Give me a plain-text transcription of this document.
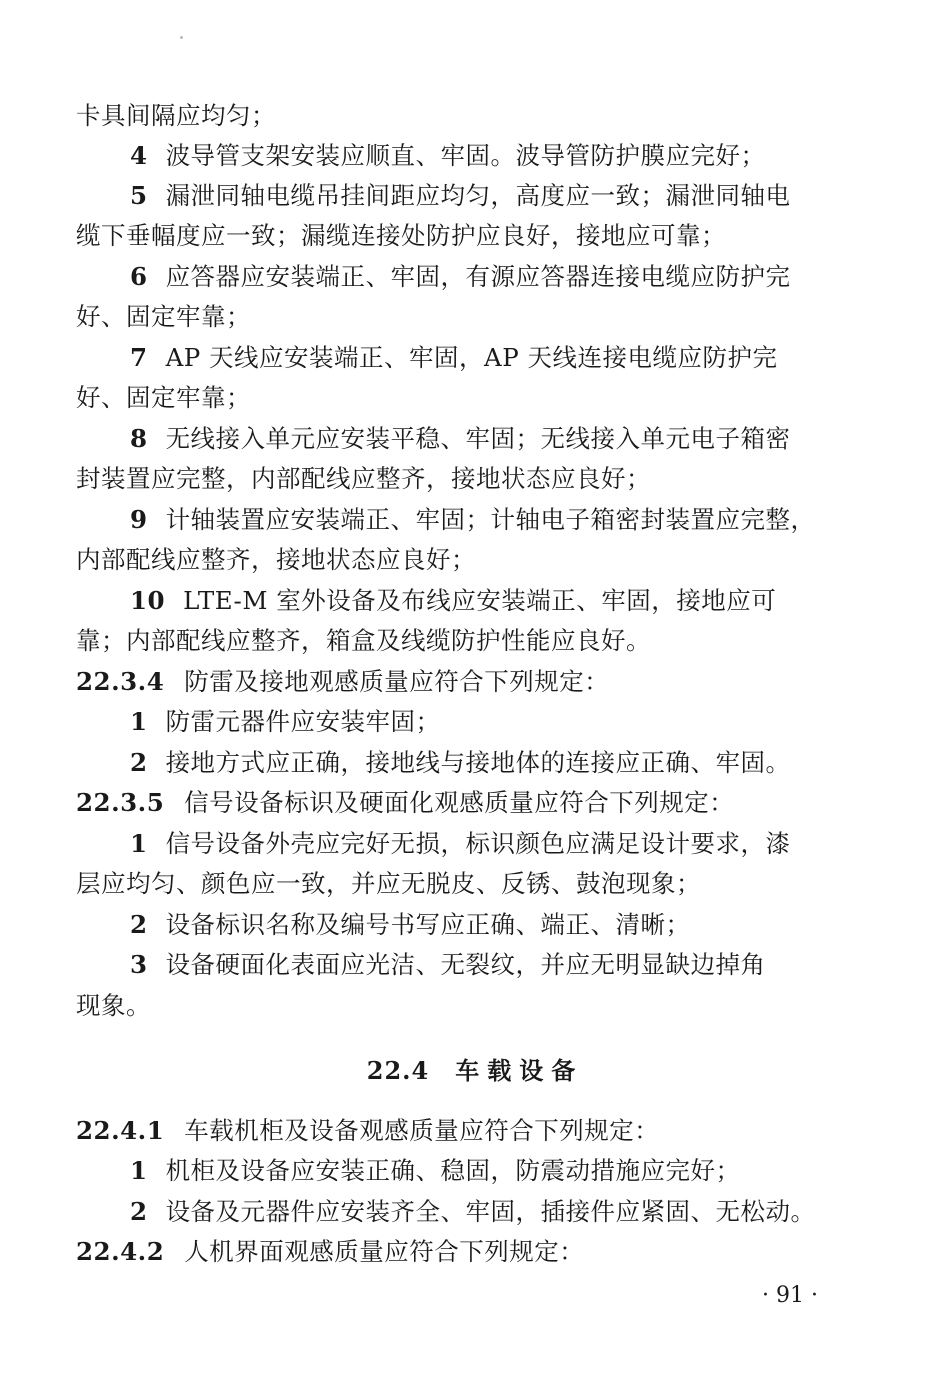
卡具间隔应均匀；
4 波导管支架安装应顺直、牢固。波导管防护膜应完好；
5 漏泄同轴电缆吊挂间距应均匀，高度应一致；漏泄同轴电
缆下垂幅度应一致；漏缆连接处防护应良好，接地应可靠；
6 应答器应安装端正、牢固，有源应答器连接电缆应防护完
好、固定牢靠；
7 AP 天线应安装端正、牢固，AP 天线连接电缆应防护完
好、固定牢靠；
8 无线接入单元应安装平稳、牢固；无线接入单元电子箱密
封装置应完整，内部配线应整齐，接地状态应良好；
9 计轴装置应安装端正、牢固；计轴电子箱密封装置应完整，
内部配线应整齐，接地状态应良好；
10 LTE-M 室外设备及布线应安装端正、牢固，接地应可
靠；内部配线应整齐，箱盒及线缆防护性能应良好。
22.3.4 防雷及接地观感质量应符合下列规定：
1 防雷元器件应安装牢固；
2 接地方式应正确，接地线与接地体的连接应正确、牢固。
22.3.5 信号设备标识及硬面化观感质量应符合下列规定：
1 信号设备外壳应完好无损，标识颜色应满足设计要求，漆
层应均匀、颜色应一致，并应无脱皮、反锈、鼓泡现象；
2 设备标识名称及编号书写应正确、端正、清晰；
3 设备硬面化表面应光洁、无裂纹，并应无明显缺边掉角
现象。
22.4 车载设备
22.4.1 车载机柜及设备观感质量应符合下列规定：
1 机柜及设备应安装正确、稳固，防震动措施应完好；
2 设备及元器件应安装齐全、牢固，插接件应紧固、无松动。
22.4.2 人机界面观感质量应符合下列规定：
· 91 ·
